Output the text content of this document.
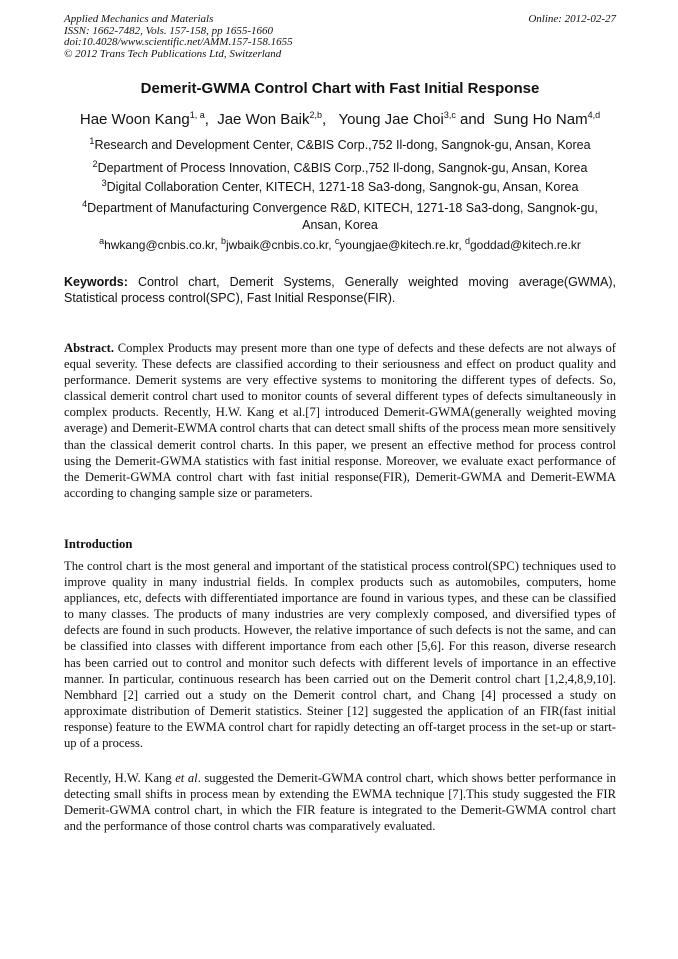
Applied Mechanics and Materials
ISSN: 1662-7482, Vols. 157-158, pp 1655-1660
doi:10.4028/www.scientific.net/AMM.157-158.1655
© 2012 Trans Tech Publications Ltd, Switzerland
Online: 2012-02-27
Demerit-GWMA Control Chart with Fast Initial Response
Hae Woon Kang$^{1, a}$,  Jae Won Baik$^{2,b}$,   Young Jae Choi$^{3,c}$ and  Sung Ho Nam$^{4,d}$
$^1$Research and Development Center, C&BIS Corp.,752 Il-dong, Sangnok-gu, Ansan, Korea
$^2$Department of Process Innovation, C&BIS Corp.,752 Il-dong, Sangnok-gu, Ansan, Korea
$^3$Digital Collaboration Center, KITECH, 1271-18 Sa3-dong, Sangnok-gu, Ansan, Korea
$^4$Department of Manufacturing Convergence R&D, KITECH, 1271-18 Sa3-dong, Sangnok-gu, Ansan, Korea
$^a$hwkang@cnbis.co.kr, $^b$jwbaik@cnbis.co.kr, $^c$youngjae@kitech.re.kr, $^d$goddad@kitech.re.kr
Keywords: Control chart, Demerit Systems, Generally weighted moving average(GWMA), Statistical process control(SPC), Fast Initial Response(FIR).
Abstract. Complex Products may present more than one type of defects and these defects are not always of equal severity. These defects are classified according to their seriousness and effect on product quality and performance. Demerit systems are very effective systems to monitoring the different types of defects. So, classical demerit control chart used to monitor counts of several different types of defects simultaneously in complex products. Recently, H.W. Kang et al.[7] introduced Demerit-GWMA(generally weighted moving average) and Demerit-EWMA control charts that can detect small shifts of the process mean more sensitively than the classical demerit control charts. In this paper, we present an effective method for process control using the Demerit-GWMA statistics with fast initial response. Moreover, we evaluate exact performance of the Demerit-GWMA control chart with fast initial response(FIR), Demerit-GWMA and Demerit-EWMA according to changing sample size or parameters.
Introduction
The control chart is the most general and important of the statistical process control(SPC) techniques used to improve quality in many industrial fields. In complex products such as automobiles, computers, home appliances, etc, defects with differentiated importance are found in various types, and these can be classified to many classes. The products of many industries are very complexly composed, and diversified types of defects are found in such products. However, the relative importance of such defects is not the same, and can be classified into classes with different importance from each other [5,6]. For this reason, diverse research has been carried out to control and monitor such defects with different levels of importance in an effective manner. In particular, continuous research has been carried out on the Demerit control chart [1,2,4,8,9,10]. Nembhard [2] carried out a study on the Demerit control chart, and Chang [4] processed a study on approximate distribution of Demerit statistics. Steiner [12] suggested the application of an FIR(fast initial response) feature to the EWMA control chart for rapidly detecting an off-target process in the set-up or start-up of a process.
Recently, H.W. Kang et al. suggested the Demerit-GWMA control chart, which shows better performance in detecting small shifts in process mean by extending the EWMA technique [7].This study suggested the FIR Demerit-GWMA control chart, in which the FIR feature is integrated to the Demerit-GWMA control chart and the performance of those control charts was comparatively evaluated.
